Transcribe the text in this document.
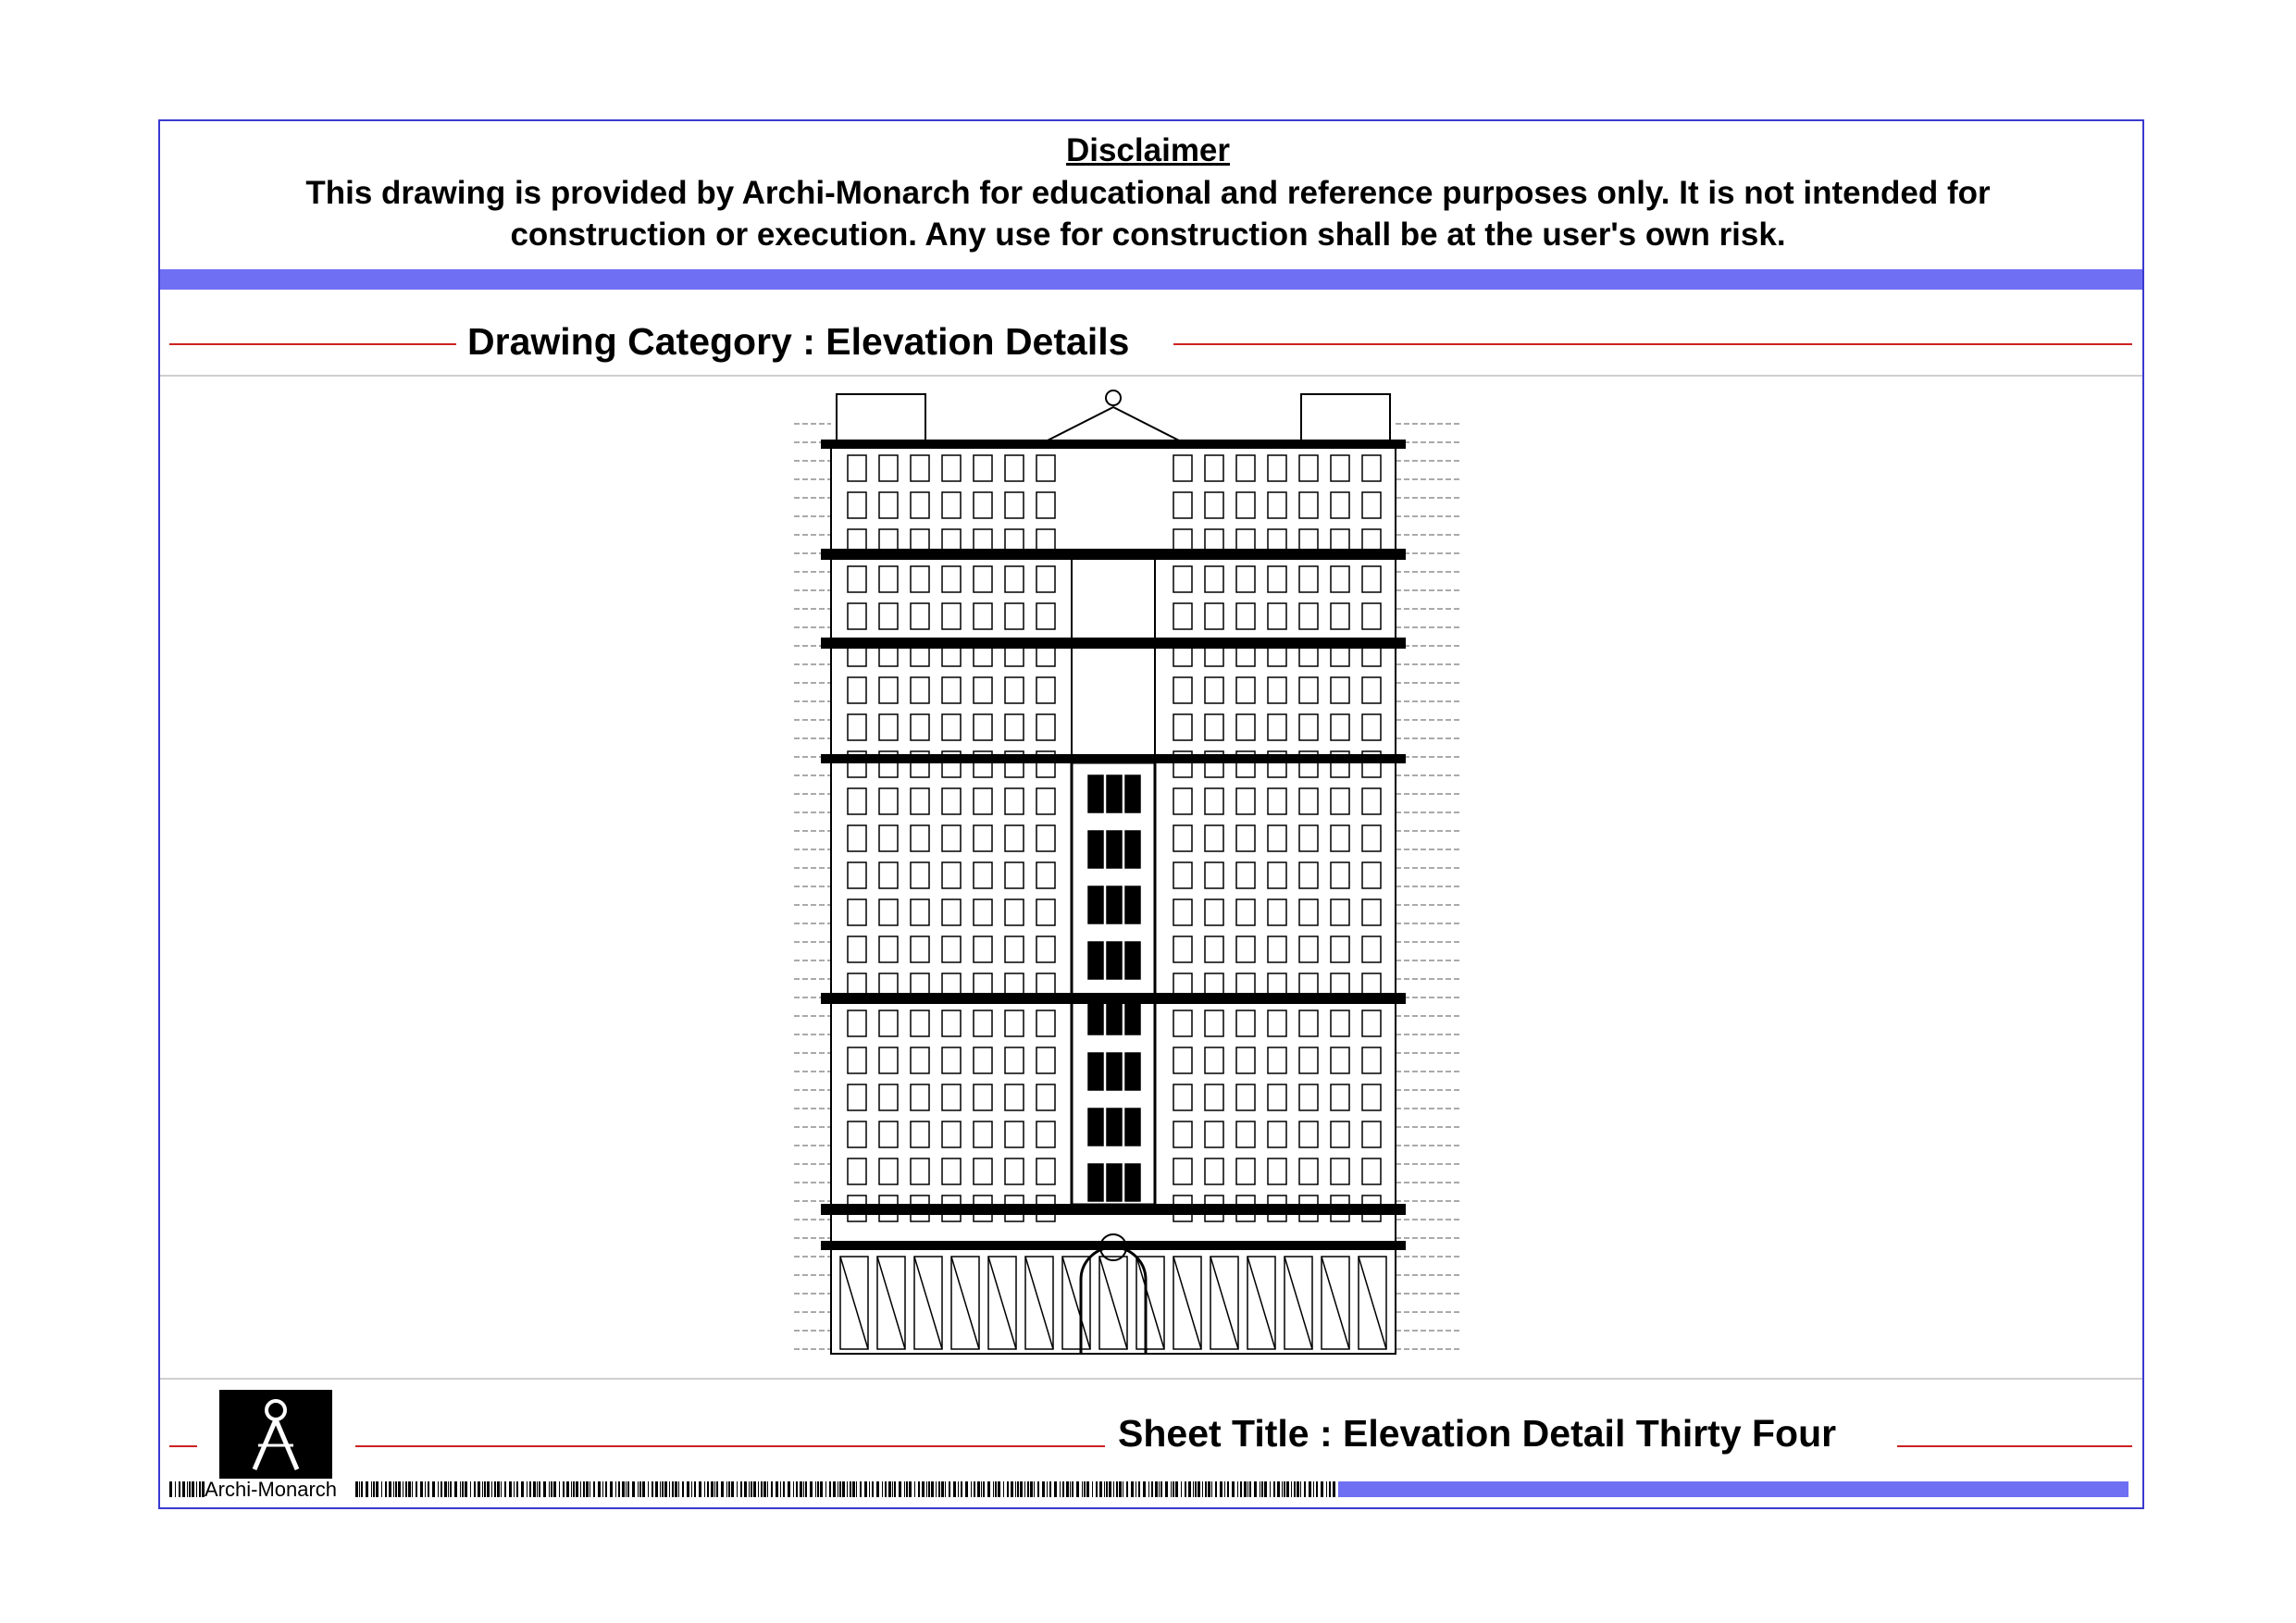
Disclaimer
This drawing is provided by Archi-Monarch for educational and reference purposes only. It is not intended for construction or execution. Any use for construction shall be at the user's own risk.
Drawing Category : Elevation Details
Archi-Monarch
Sheet Title : Elevation Detail Thirty Four
